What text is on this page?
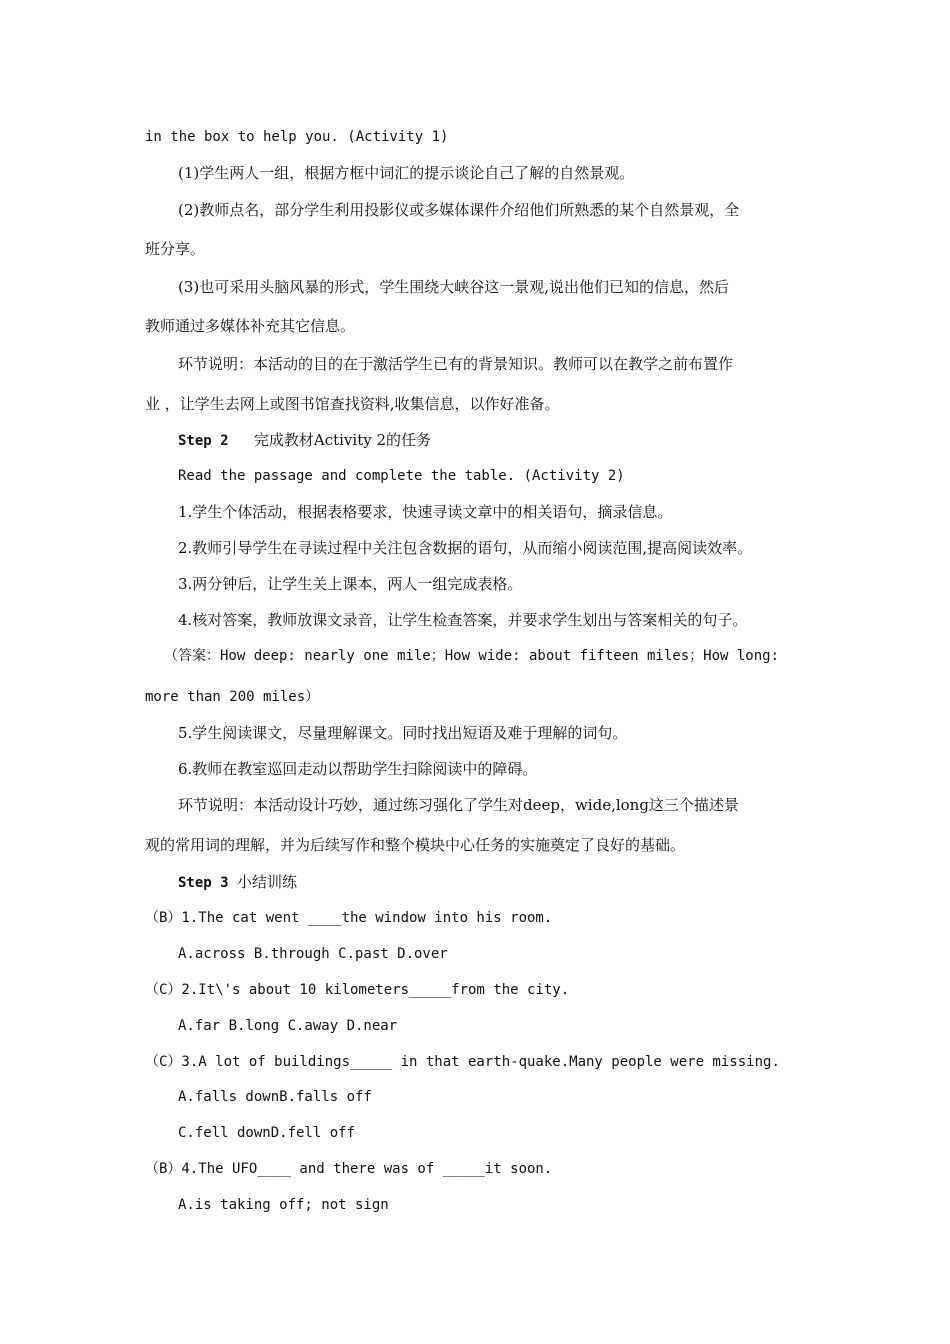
in the box to help you. (Activity 1)
(1)学生两人一组，根据方框中词汇的提示谈论自己了解的自然景观。
(2)教师点名，部分学生利用投影仪或多媒体课件介绍他们所熟悉的某个自然景观，全
班分享。
(3)也可采用头脑风暴的形式，学生围绕大峡谷这一景观,说出他们已知的信息，然后
教师通过多媒体补充其它信息。
环节说明：本活动的目的在于激活学生已有的背景知识。教师可以在教学之前布置作
业 ，让学生去网上或图书馆查找资料,收集信息，以作好准备。
Step 2 完成教材Activity 2的任务
Read the passage and complete the table. (Activity 2)
1.学生个体活动，根据表格要求，快速寻读文章中的相关语句，摘录信息。
2.教师引导学生在寻读过程中关注包含数据的语句，从而缩小阅读范围,提高阅读效率。
3.两分钟后，让学生关上课本，两人一组完成表格。
4.核对答案，教师放课文录音，让学生检查答案，并要求学生划出与答案相关的句子。
（答案：How deep: nearly one mile；How wide: about fifteen miles；How long:
more than 200 miles）
5.学生阅读课文，尽量理解课文。同时找出短语及难于理解的词句。
6.教师在教室巡回走动以帮助学生扫除阅读中的障碍。
环节说明：本活动设计巧妙，通过练习强化了学生对deep，wide,long这三个描述景
观的常用词的理解，并为后续写作和整个模块中心任务的实施奠定了良好的基础。
Step 3 小结训练
（B）1.The cat went ____the window into his room.
A.across B.through C.past D.over
（C）2.It\'s about 10 kilometers_____from the city.
A.far B.long C.away D.near
（C）3.A lot of buildings_____ in that earth-quake.Many people were missing.
A.falls downB.falls off
C.fell downD.fell off
（B）4.The UFO____ and there was of _____it soon.
A.is taking off; not sign
